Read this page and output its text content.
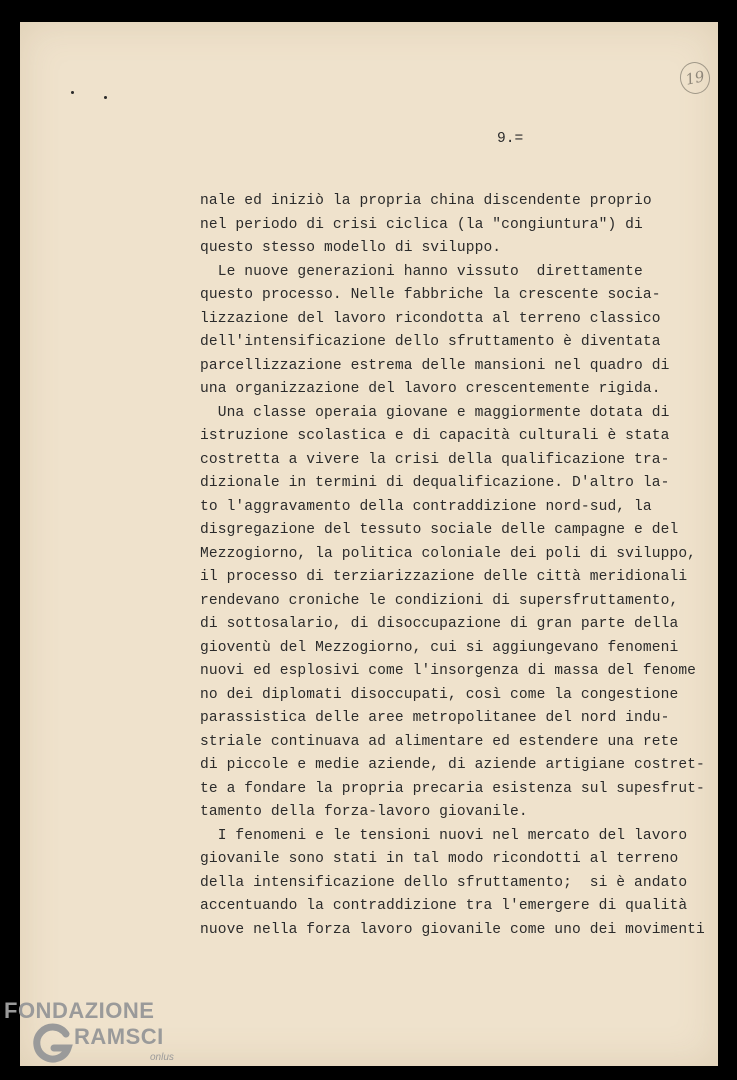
19
9.=
nale ed iniziò la propria china discendente proprio
nel periodo di crisi ciclica (la "congiuntura") di
questo stesso modello di sviluppo.
Le nuove generazioni hanno vissuto  direttamente
questo processo. Nelle fabbriche la crescente socia-
lizzazione del lavoro ricondotta al terreno classico
dell'intensificazione dello sfruttamento è diventata
parcellizzazione estrema delle mansioni nel quadro di
una organizzazione del lavoro crescentemente rigida.
Una classe operaia giovane e maggiormente dotata di
istruzione scolastica e di capacità culturali è stata
costretta a vivere la crisi della qualificazione tra-
dizionale in termini di dequalificazione. D'altro la-
to l'aggravamento della contraddizione nord-sud, la
disgregazione del tessuto sociale delle campagne e del
Mezzogiorno, la politica coloniale dei poli di sviluppo,
il processo di terziarizzazione delle città meridionali
rendevano croniche le condizioni di supersfruttamento,
di sottosalario, di disoccupazione di gran parte della
gioventù del Mezzogiorno, cui si aggiungevano fenomeni
nuovi ed esplosivi come l'insorgenza di massa del fenome
no dei diplomati disoccupati, così come la congestione
parassistica delle aree metropolitanee del nord indu-
striale continuava ad alimentare ed estendere una rete
di piccole e medie aziende, di aziende artigiane costret-
te a fondare la propria precaria esistenza sul supesfrut-
tamento della forza-lavoro giovanile.
I fenomeni e le tensioni nuovi nel mercato del lavoro
giovanile sono stati in tal modo ricondotti al terreno
della intensificazione dello sfruttamento;  si è andato
accentuando la contraddizione tra l'emergere di qualità
nuove nella forza lavoro giovanile come uno dei movimenti
FONDAZIONE
RAMSCI
onlus
